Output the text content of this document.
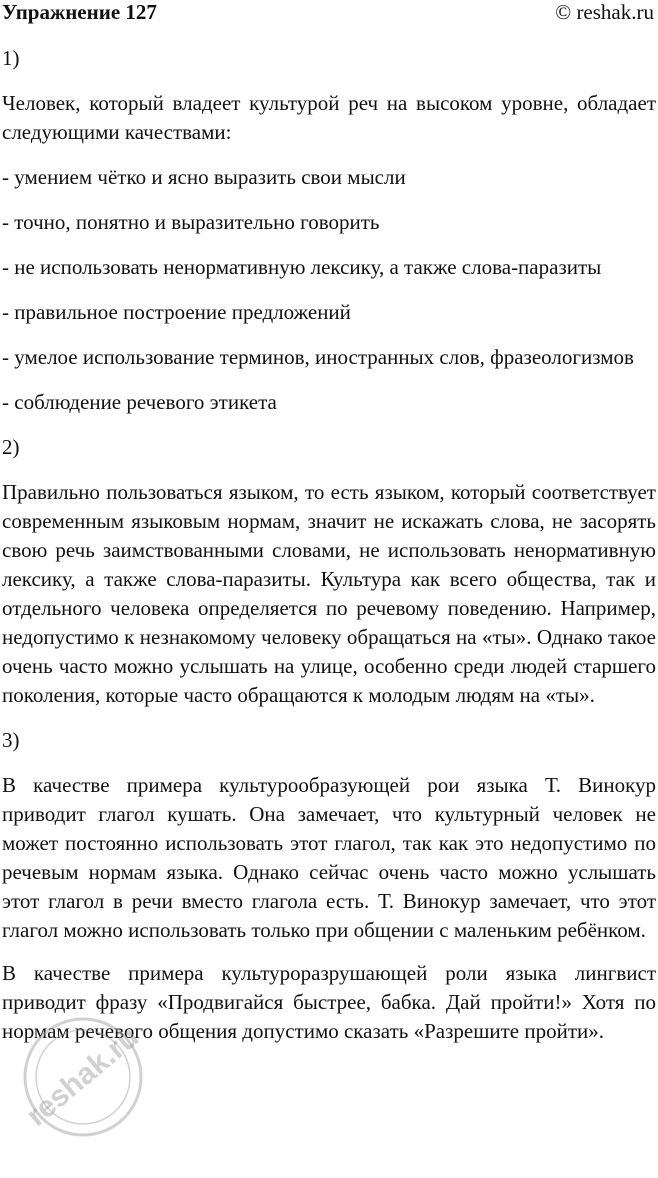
Упражнение 127	© reshak.ru

1)

Человек, который владеет культурой реч на высоком уровне, обладает следующими качествами:

- умением чётко и ясно выразить свои мысли

- точно, понятно и выразительно говорить

- не использовать ненормативную лексику, а также слова-паразиты

- правильное построение предложений

- умелое использование терминов, иностранных слов, фразеологизмов

- соблюдение речевого этикета

2)

Правильно пользоваться языком, то есть языком, который соответствует современным языковым нормам, значит не искажать слова, не засорять свою речь заимствованными словами, не использовать ненормативную лексику, а также слова-паразиты. Культура как всего общества, так и отдельного человека определяется по речевому поведению. Например, недопустимо к незнакомому человеку обращаться на «ты». Однако такое очень часто можно услышать на улице, особенно среди людей старшего поколения, которые часто обращаются к молодым людям на «ты».

3)

В качестве примера культурообразующей рои языка Т. Винокур приводит глагол кушать. Она замечает, что культурный человек не может постоянно использовать этот глагол, так как это недопустимо по речевым нормам языка. Однако сейчас очень часто можно услышать этот глагол в речи вместо глагола есть. Т. Винокур замечает, что этот глагол можно использовать только при общении с маленьким ребёнком.

В качестве примера культуроразрушающей роли языка лингвист приводит фразу «Продвигайся быстрее, бабка. Дай пройти!» Хотя по нормам речевого общения допустимо сказать «Разрешите пройти».

reshak.ru
